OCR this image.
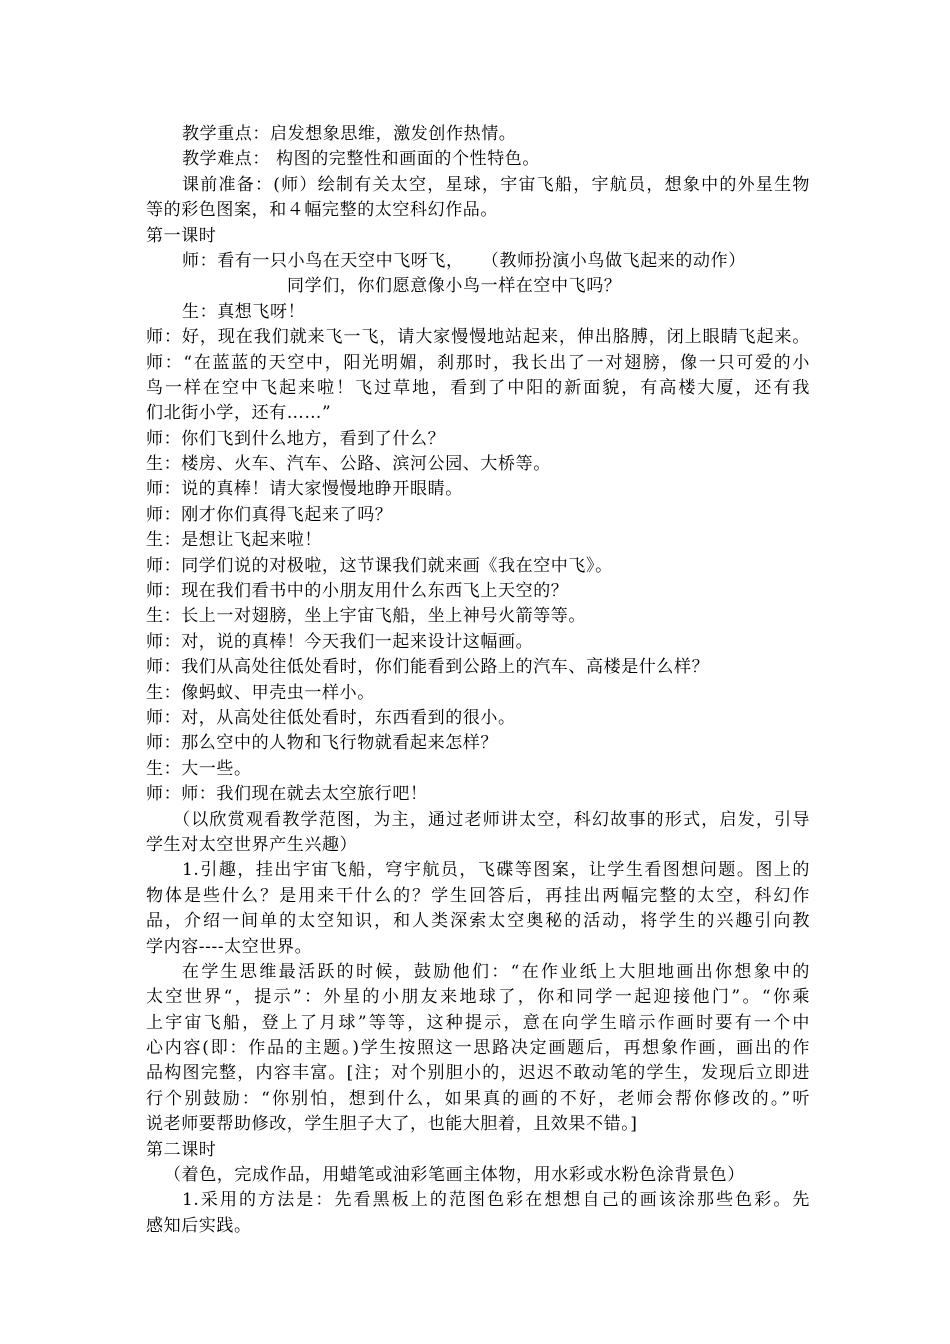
教学重点：启发想象思维，激发创作热情。
教学难点： 构图的完整性和画面的个性特色。
课前准备：(师）绘制有关太空，星球，宇宙飞船，宇航员，想象中的外星生物
等的彩色图案，和４幅完整的太空科幻作品。
第一课时
师：看有一只小鸟在天空中飞呀飞，　　（教师扮演小鸟做飞起来的动作）
同学们，你们愿意像小鸟一样在空中飞吗？
生：真想飞呀！
师：好，现在我们就来飞一飞，请大家慢慢地站起来，伸出胳膊，闭上眼睛飞起来。
师：“在蓝蓝的天空中，阳光明媚，刹那时，我长出了一对翅膀，像一只可爱的小
鸟一样在空中飞起来啦！飞过草地，看到了中阳的新面貌，有高楼大厦，还有我
们北街小学，还有……”
师：你们飞到什么地方，看到了什么？
生：楼房、火车、汽车、公路、滨河公园、大桥等。
师：说的真棒！请大家慢慢地睁开眼睛。
师：刚才你们真得飞起来了吗？
生：是想让飞起来啦！
师：同学们说的对极啦，这节课我们就来画《我在空中飞》。
师：现在我们看书中的小朋友用什么东西飞上天空的？
生：长上一对翅膀，坐上宇宙飞船，坐上神号火箭等等。
师：对，说的真棒！今天我们一起来设计这幅画。
师：我们从高处往低处看时，你们能看到公路上的汽车、高楼是什么样？
生：像蚂蚁、甲壳虫一样小。
师：对，从高处往低处看时，东西看到的很小。
师：那么空中的人物和飞行物就看起来怎样？
生：大一些。
师：师：我们现在就去太空旅行吧！
（以欣赏观看教学范图，为主，通过老师讲太空，科幻故事的形式，启发，引导
学生对太空世界产生兴趣）
1.引趣，挂出宇宙飞船，穹宇航员，飞碟等图案，让学生看图想问题。图上的
物体是些什么？是用来干什么的？学生回答后，再挂出两幅完整的太空，科幻作
品，介绍一间单的太空知识，和人类深索太空奥秘的活动，将学生的兴趣引向教
学内容----太空世界。
在学生思维最活跃的时候，鼓励他们：“在作业纸上大胆地画出你想象中的
太空世界“，提示”：外星的小朋友来地球了，你和同学一起迎接他门”。“你乘
上宇宙飞船，登上了月球”等等，这种提示，意在向学生暗示作画时要有一个中
心内容(即：作品的主题。)学生按照这一思路决定画题后，再想象作画，画出的作
品构图完整，内容丰富。[注；对个别胆小的，迟迟不敢动笔的学生，发现后立即进
行个别鼓励：“你别怕，想到什么，如果真的画的不好，老师会帮你修改的。”听
说老师要帮助修改，学生胆子大了，也能大胆着，且效果不错。]
第二课时
（着色，完成作品，用蜡笔或油彩笔画主体物，用水彩或水粉色涂背景色）
1.采用的方法是：先看黑板上的范图色彩在想想自己的画该涂那些色彩。先
感知后实践。
